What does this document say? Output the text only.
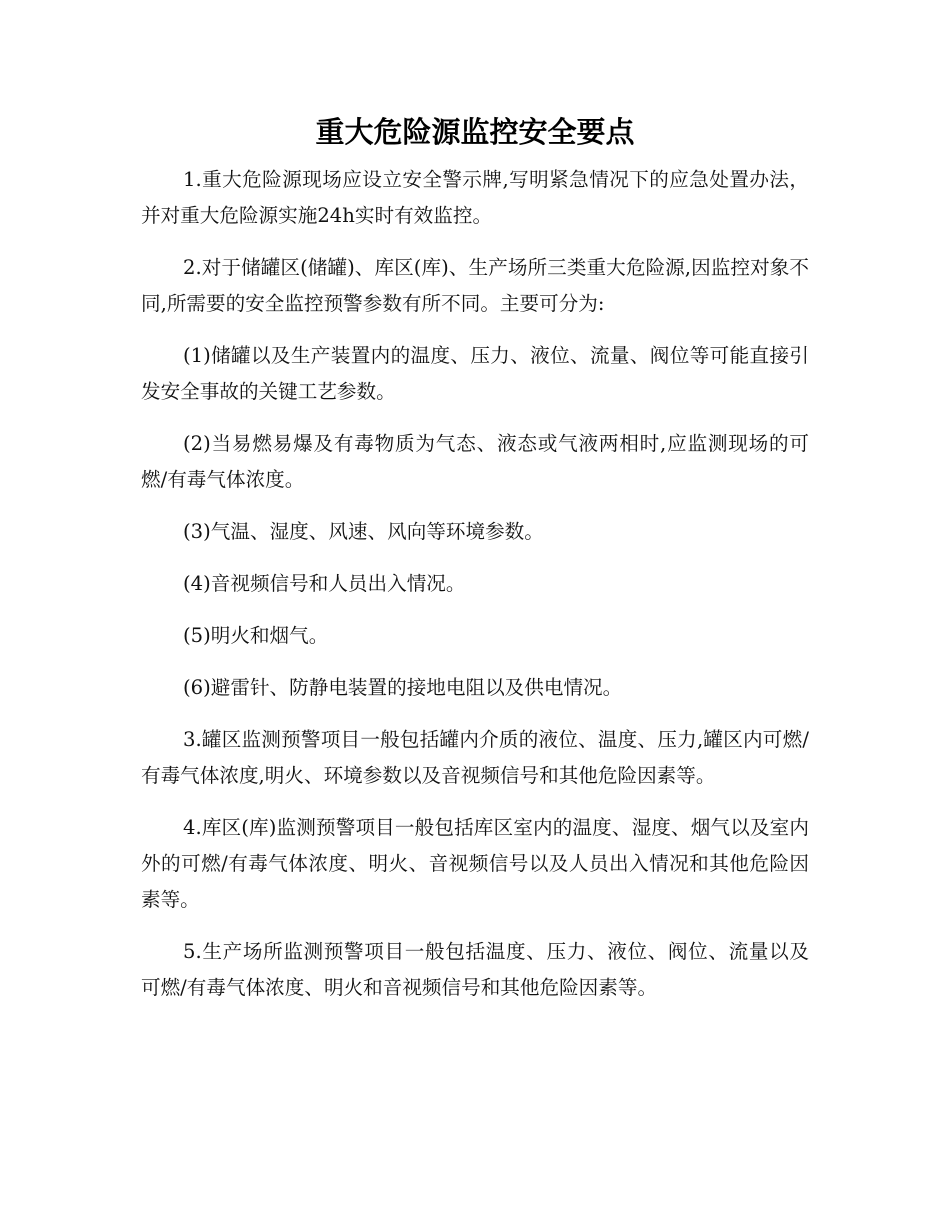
重大危险源监控安全要点

1.重大危险源现场应设立安全警示牌,写明紧急情况下的应急处置办法，并对重大危险源实施24h实时有效监控。

2.对于储罐区(储罐)、库区(库)、生产场所三类重大危险源,因监控对象不同,所需要的安全监控预警参数有所不同。主要可分为:

(1)储罐以及生产装置内的温度、压力、液位、流量、阀位等可能直接引发安全事故的关键工艺参数。

(2)当易燃易爆及有毒物质为气态、液态或气液两相时,应监测现场的可燃/有毒气体浓度。

(3)气温、湿度、风速、风向等环境参数。

(4)音视频信号和人员出入情况。

(5)明火和烟气。

(6)避雷针、防静电装置的接地电阻以及供电情况。

3.罐区监测预警项目一般包括罐内介质的液位、温度、压力,罐区内可燃/有毒气体浓度,明火、环境参数以及音视频信号和其他危险因素等。

4.库区(库)监测预警项目一般包括库区室内的温度、湿度、烟气以及室内外的可燃/有毒气体浓度、明火、音视频信号以及人员出入情况和其他危险因素等。

5.生产场所监测预警项目一般包括温度、压力、液位、阀位、流量以及可燃/有毒气体浓度、明火和音视频信号和其他危险因素等。
